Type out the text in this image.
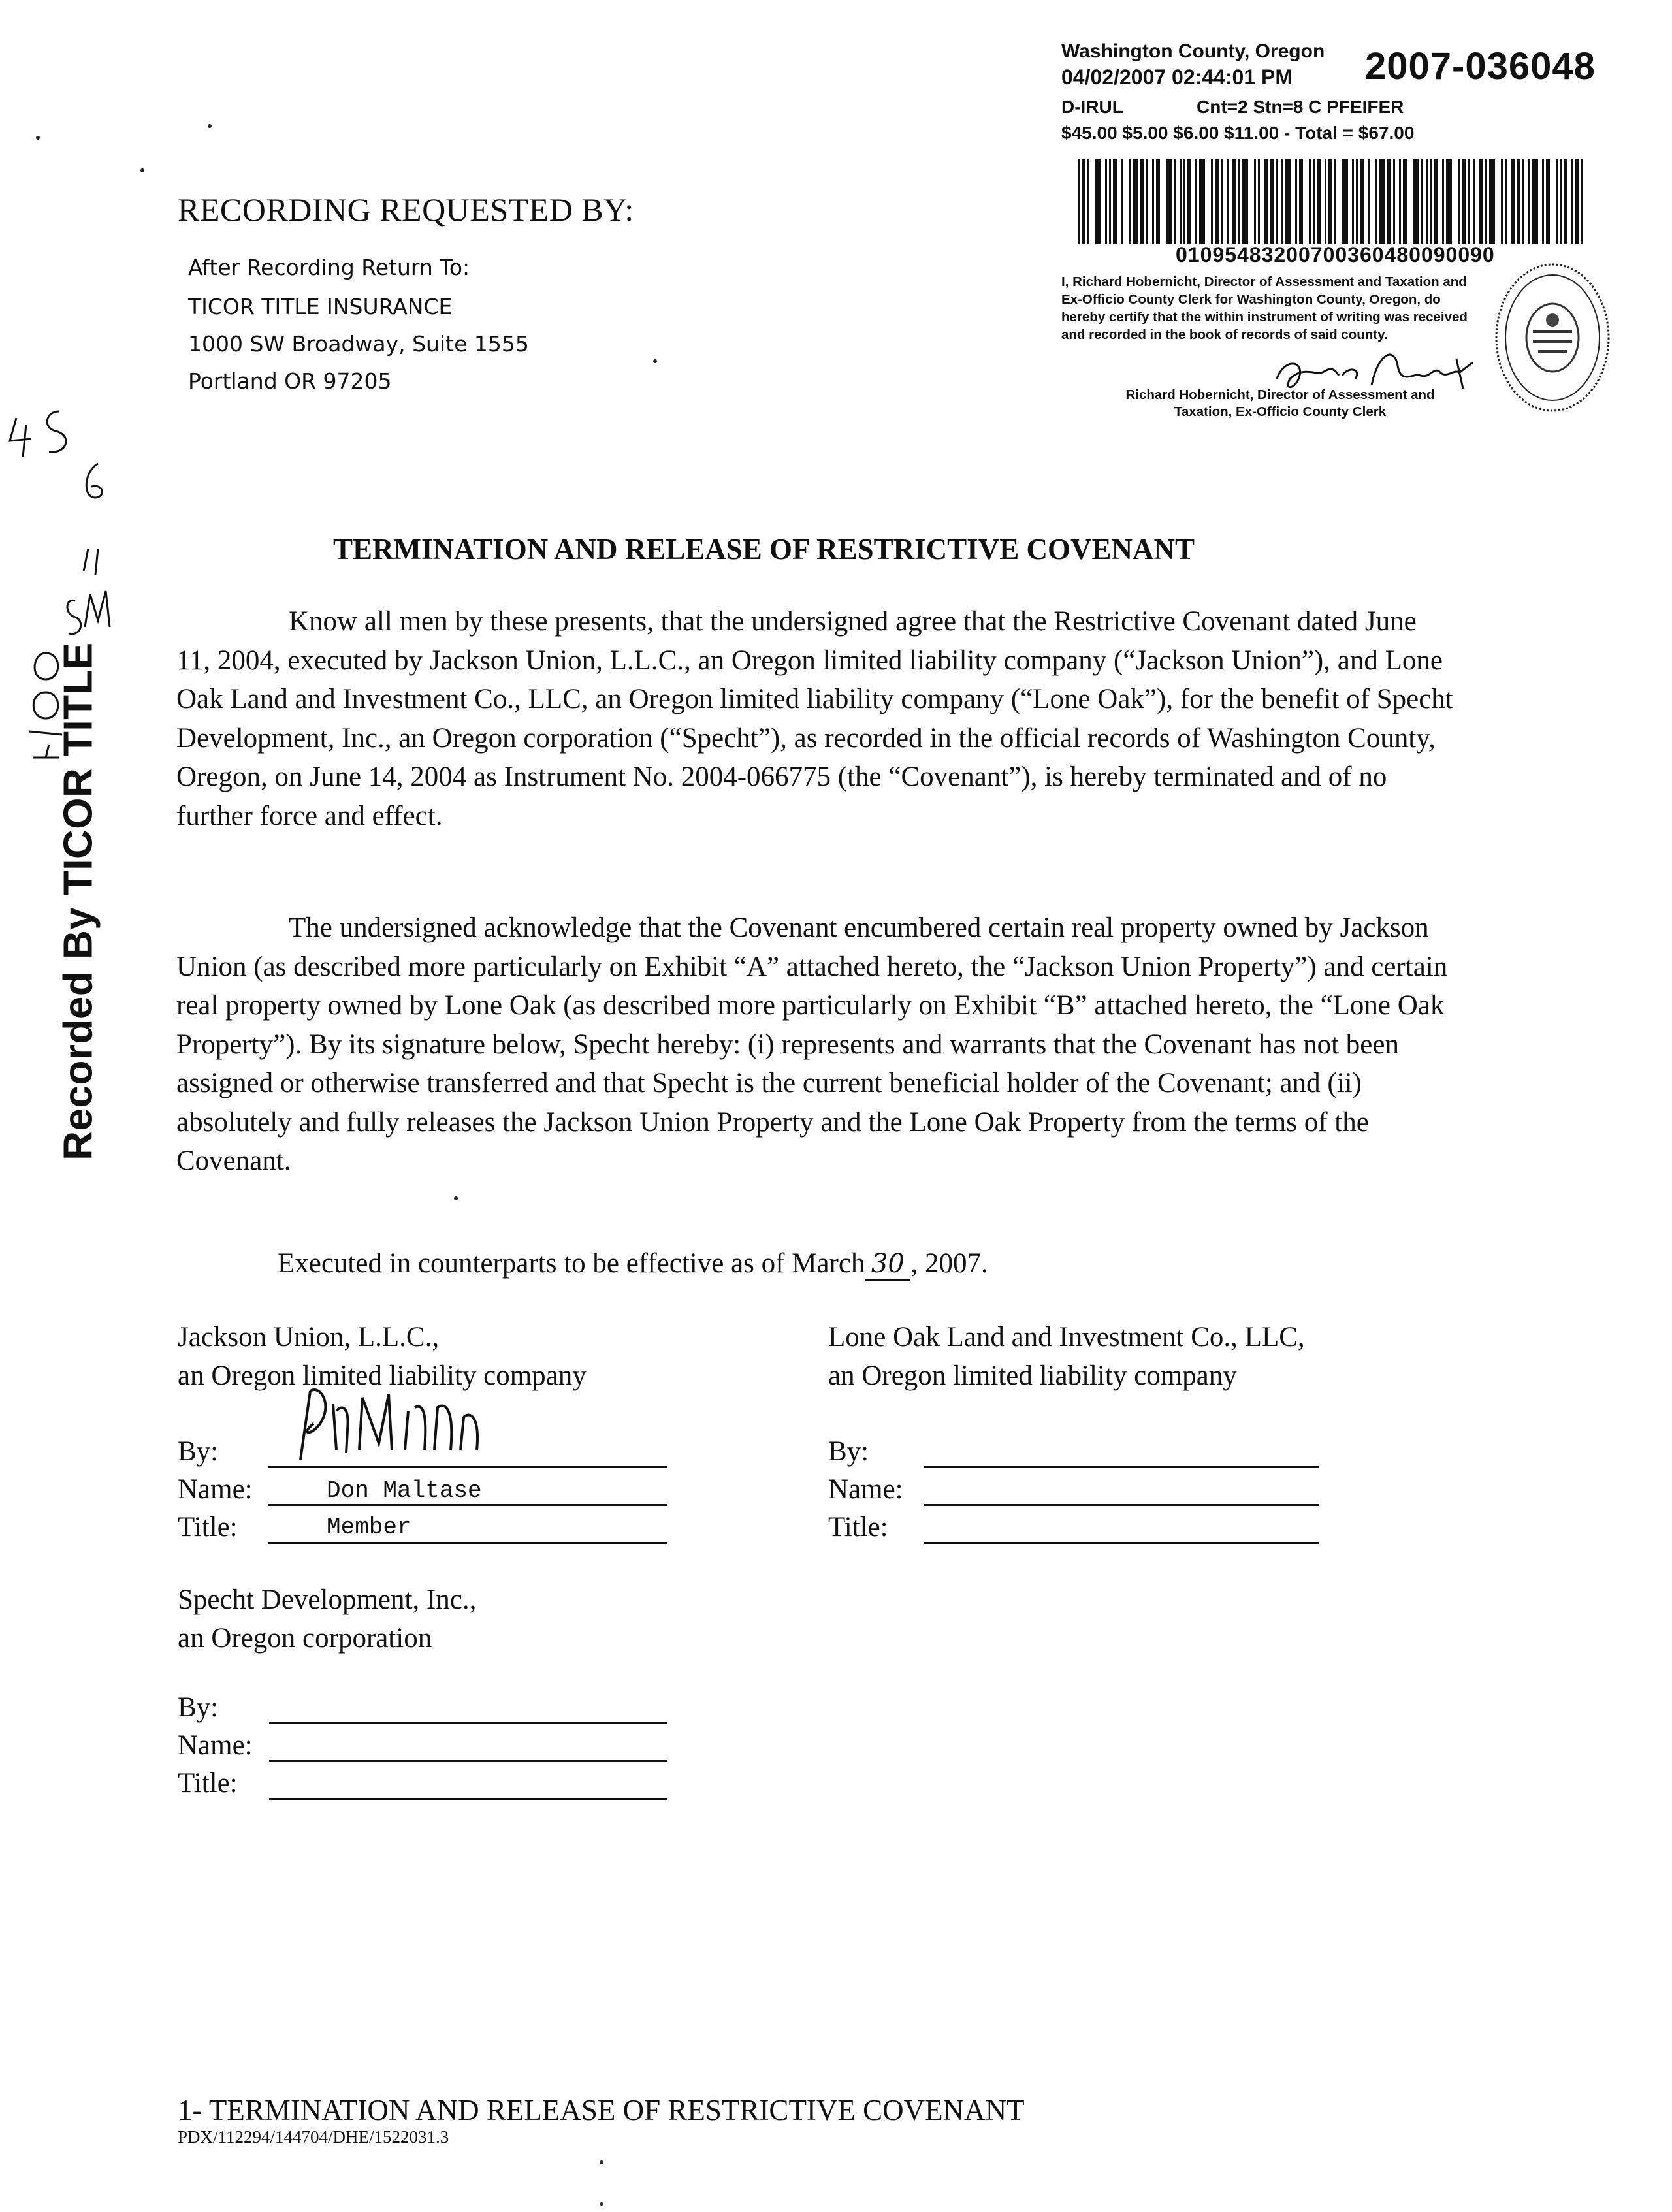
Washington County, Oregon
04/02/2007 02:44:01 PM 2007-036048
D-IRUL	Cnt=2 Stn=8 C PFEIFER
$45.00 $5.00 $6.00 $11.00 - Total = $67.00
01095483200700360480090090
I, Richard Hobernicht, Director of Assessment and Taxation and Ex-Officio County Clerk for Washington County, Oregon, do hereby certify that the within instrument of writing was received and recorded in the book of records of said county.
Richard Hobernicht, Director of Assessment and
Taxation, Ex-Officio County Clerk
RECORDING REQUESTED BY:
After Recording Return To:
TICOR TITLE INSURANCE
1000 SW Broadway, Suite 1555
Portland OR 97205
Recorded By TICOR TITLE
TERMINATION AND RELEASE OF RESTRICTIVE COVENANT
    Know all men by these presents, that the undersigned agree that the Restrictive Covenant dated June 11, 2004, executed by Jackson Union, L.L.C., an Oregon limited liability company (“Jackson Union”), and Lone Oak Land and Investment Co., LLC, an Oregon limited liability company (“Lone Oak”), for the benefit of Specht Development, Inc., an Oregon corporation (“Specht”), as recorded in the official records of Washington County, Oregon, on June 14, 2004 as Instrument No. 2004-066775 (the “Covenant”), is hereby terminated and of no further force and effect.
    The undersigned acknowledge that the Covenant encumbered certain real property owned by Jackson Union (as described more particularly on Exhibit “A” attached hereto, the “Jackson Union Property”) and certain real property owned by Lone Oak (as described more particularly on Exhibit “B” attached hereto, the “Lone Oak Property”). By its signature below, Specht hereby: (i) represents and warrants that the Covenant has not been assigned or otherwise transferred and that Specht is the current beneficial holder of the Covenant; and (ii) absolutely and fully releases the Jackson Union Property and the Lone Oak Property from the terms of the Covenant.
Executed in counterparts to be effective as of March 30 , 2007.
Jackson Union, L.L.C.,
an Oregon limited liability company
By:
Name:	Don Maltase
Title:	Member
Lone Oak Land and Investment Co., LLC,
an Oregon limited liability company
By:
Name:
Title:
Specht Development, Inc.,
an Oregon corporation
By:
Name:
Title:
1- TERMINATION AND RELEASE OF RESTRICTIVE COVENANT
PDX/112294/144704/DHE/1522031.3
